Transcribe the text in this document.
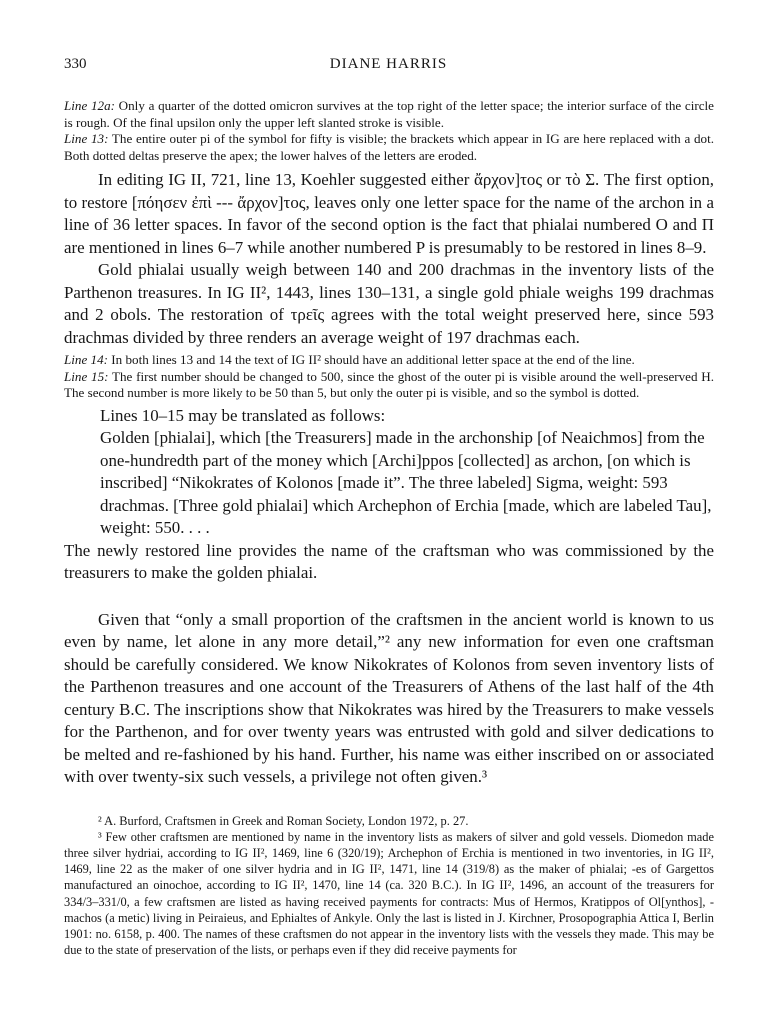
330	DIANE HARRIS

Line 12a: Only a quarter of the dotted omicron survives at the top right of the letter space; the interior surface of the circle is rough. Of the final upsilon only the upper left slanted stroke is visible.

Line 13: The entire outer pi of the symbol for fifty is visible; the brackets which appear in IG are here replaced with a dot. Both dotted deltas preserve the apex; the lower halves of the letters are eroded.

In editing IG II, 721, line 13, Koehler suggested either ἄρχον]τος or τὸ Σ. The first option, to restore [πόησεν ἐπὶ --- ἄρχον]τος, leaves only one letter space for the name of the archon in a line of 36 letter spaces. In favor of the second option is the fact that phialai numbered O and Π are mentioned in lines 6–7 while another numbered P is presumably to be restored in lines 8–9.

Gold phialai usually weigh between 140 and 200 drachmas in the inventory lists of the Parthenon treasures. In IG II², 1443, lines 130–131, a single gold phiale weighs 199 drachmas and 2 obols. The restoration of τρεῖς agrees with the total weight preserved here, since 593 drachmas divided by three renders an average weight of 197 drachmas each.

Line 14: In both lines 13 and 14 the text of IG II² should have an additional letter space at the end of the line.

Line 15: The first number should be changed to 500, since the ghost of the outer pi is visible around the well-preserved H. The second number is more likely to be 50 than 5, but only the outer pi is visible, and so the symbol is dotted.

Lines 10–15 may be translated as follows:

Golden [phialai], which [the Treasurers] made in the archonship [of Neaichmos] from the one-hundredth part of the money which [Archi]ppos [collected] as archon, [on which is inscribed] “Nikokrates of Kolonos [made it”. The three labeled] Sigma, weight: 593 drachmas. [Three gold phialai] which Archephon of Erchia [made, which are labeled Tau], weight: 550. . . .

The newly restored line provides the name of the craftsman who was commissioned by the treasurers to make the golden phialai.

Given that “only a small proportion of the craftsmen in the ancient world is known to us even by name, let alone in any more detail,”² any new information for even one craftsman should be carefully considered. We know Nikokrates of Kolonos from seven inventory lists of the Parthenon treasures and one account of the Treasurers of Athens of the last half of the 4th century B.C. The inscriptions show that Nikokrates was hired by the Treasurers to make vessels for the Parthenon, and for over twenty years was entrusted with gold and silver dedications to be melted and re-fashioned by his hand. Further, his name was either inscribed on or associated with over twenty-six such vessels, a privilege not often given.³

² A. Burford, Craftsmen in Greek and Roman Society, London 1972, p. 27.

³ Few other craftsmen are mentioned by name in the inventory lists as makers of silver and gold vessels. Diomedon made three silver hydriai, according to IG II², 1469, line 6 (320/19); Archephon of Erchia is mentioned in two inventories, in IG II², 1469, line 22 as the maker of one silver hydria and in IG II², 1471, line 14 (319/8) as the maker of phialai; -es of Gargettos manufactured an oinochoe, according to IG II², 1470, line 14 (ca. 320 B.C.). In IG II², 1496, an account of the treasurers for 334/3–331/0, a few craftsmen are listed as having received payments for contracts: Mus of Hermos, Kratippos of Ol[ynthos], -machos (a metic) living in Peiraieus, and Ephialtes of Ankyle. Only the last is listed in J. Kirchner, Prosopographia Attica I, Berlin 1901: no. 6158, p. 400. The names of these craftsmen do not appear in the inventory lists with the vessels they made. This may be due to the state of preservation of the lists, or perhaps even if they did receive payments for
